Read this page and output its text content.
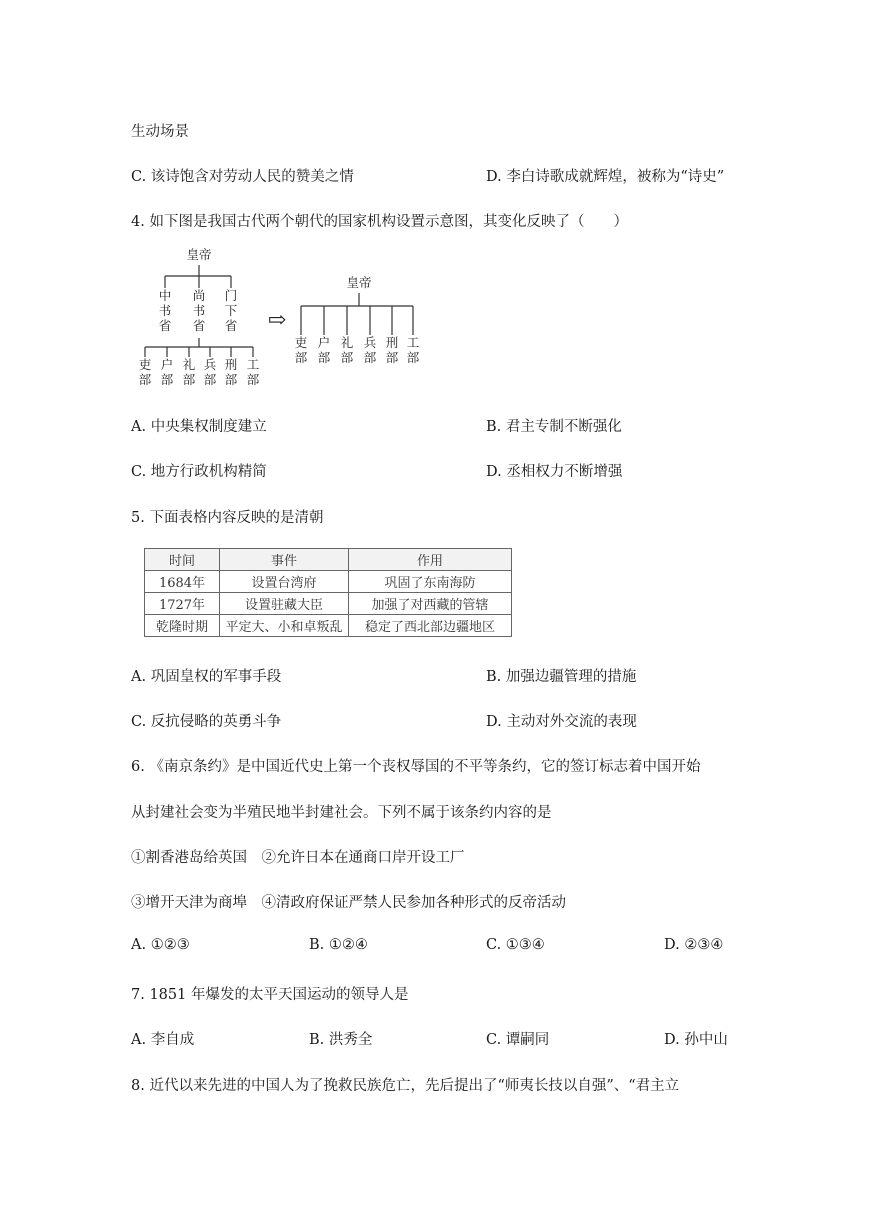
生动场景
C. 该诗饱含对劳动人民的赞美之情	D. 李白诗歌成就辉煌，被称为“诗史”
4. 如下图是我国古代两个朝代的国家机构设置示意图，其变化反映了（　　）
皇帝
中书省
尚书省
门下省
吏部
户部
礼部
兵部
刑部
工部
⇨
皇帝
吏部
户部
礼部
兵部
刑部
工部
A. 中央集权制度建立	B. 君主专制不断强化
C. 地方行政机构精简	D. 丞相权力不断增强
5. 下面表格内容反映的是清朝
时间	事件	作用
1684年	设置台湾府	巩固了东南海防
1727年	设置驻藏大臣	加强了对西藏的管辖
乾隆时期	平定大、小和卓叛乱	稳定了西北部边疆地区
A. 巩固皇权的军事手段	B. 加强边疆管理的措施
C. 反抗侵略的英勇斗争	D. 主动对外交流的表现
6. 《南京条约》是中国近代史上第一个丧权辱国的不平等条约，它的签订标志着中国开始
从封建社会变为半殖民地半封建社会。下列不属于该条约内容的是
①割香港岛给英国　②允许日本在通商口岸开设工厂
③增开天津为商埠　④清政府保证严禁人民参加各种形式的反帝活动
A. ①②③	B. ①②④	C. ①③④	D. ②③④
7. 1851 年爆发的太平天国运动的领导人是
A. 李自成	B. 洪秀全	C. 谭嗣同	D. 孙中山
8. 近代以来先进的中国人为了挽救民族危亡，先后提出了“师夷长技以自强”、“君主立
